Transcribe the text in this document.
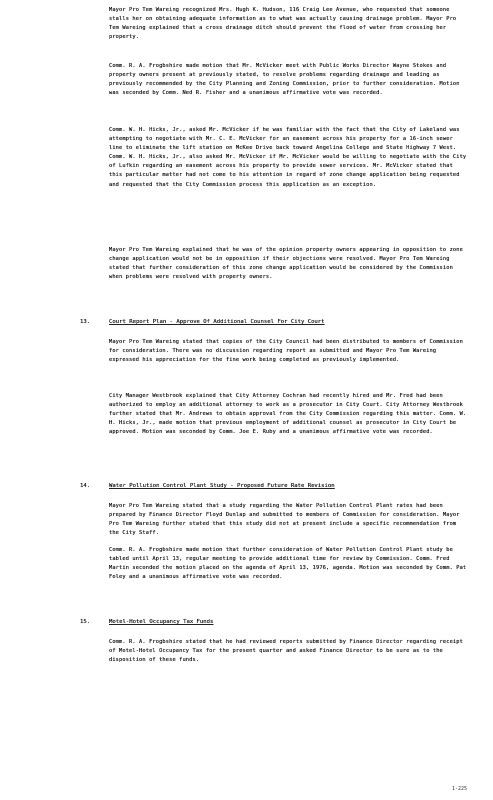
Mayor Pro Tem Wareing recognized Mrs. Hugh K. Hudson, 116 Craig Lee Avenue, who requested that someone stalls her on obtaining adequate information as to what was actually causing drainage problem. Mayor Pro Tem Wareing explained that a cross drainage ditch should prevent the flood of water from crossing her property.
Comm. R. A. Frogbshire made motion that Mr. McVicker meet with Public Works Director Wayne Stokes and property owners present at previously stated, to resolve problems regarding drainage and leading as previously recommended by the City Planning and Zoning Commission, prior to further consideration. Motion was seconded by Comm. Ned R. Fisher and a unanimous affirmative vote was recorded.
Comm. W. H. Hicks, Jr., asked Mr. McVicker if he was familiar with the fact that the City of Lakeland was attempting to negotiate with Mr. C. E. McVicker for an easement across his property for a 16-inch sewer line to eliminate the lift station on McKee Drive back toward Angelina College and State Highway 7 West. Comm. W. H. Hicks, Jr., also asked Mr. McVicker if Mr. McVicker would be willing to negotiate with the City of Lufkin regarding an easement across his property to provide sewer services. Mr. McVicker stated that this particular matter had not come to his attention in regard of zone change application being requested and requested that the City Commission process this application as an exception.
Mayor Pro Tem Wareing explained that he was of the opinion property owners appearing in opposition to zone change application would not be in opposition if their objections were resolved. Mayor Pro Tem Wareing stated that further consideration of this zone change application would be considered by the Commission when problems were resolved with property owners.
13.	Court Report Plan - Approve Of Additional Counsel For City Court
Mayor Pro Tem Wareing stated that copies of the City Council had been distributed to members of Commission for consideration. There was no discussion regarding report as submitted and Mayor Pro Tem Wareing expressed his appreciation for the fine work being completed as previously implemented.
City Manager Westbrook explained that City Attorney Cochran had recently hired and Mr. Fred had been authorized to employ an additional attorney to work as a prosecutor in City Court. City Attorney Westbrook further stated that Mr. Andrews to obtain approval from the City Commission regarding this matter. Comm. W. H. Hicks, Jr., made motion that previous employment of additional counsel as prosecutor in City Court be approved. Motion was seconded by Comm. Joe E. Ruby and a unanimous affirmative vote was recorded.
14.	Water Pollution Control Plant Study - Proposed Future Rate Revision
Mayor Pro Tem Wareing stated that a study regarding the Water Pollution Control Plant rates had been prepared by Finance Director Floyd Dunlap and submitted to members of Commission for consideration. Mayor Pro Tem Wareing further stated that this study did not at present include a specific recommendation from the City Staff.
Comm. R. A. Frogbshire made motion that further consideration of Water Pollution Control Plant study be tabled until April 13, regular meeting to provide additional time for review by Commission. Comm. Fred Martin seconded the motion placed on the agenda of April 13, 1976, agenda. Motion was seconded by Comm. Pat Foley and a unanimous affirmative vote was recorded.
15.	Motel-Hotel Occupancy Tax Funds
Comm. R. A. Frogbshire stated that he had reviewed reports submitted by Finance Director regarding receipt of Motel-Hotel Occupancy Tax for the present quarter and asked Finance Director to be sure as to the disposition of these funds.
1-225
